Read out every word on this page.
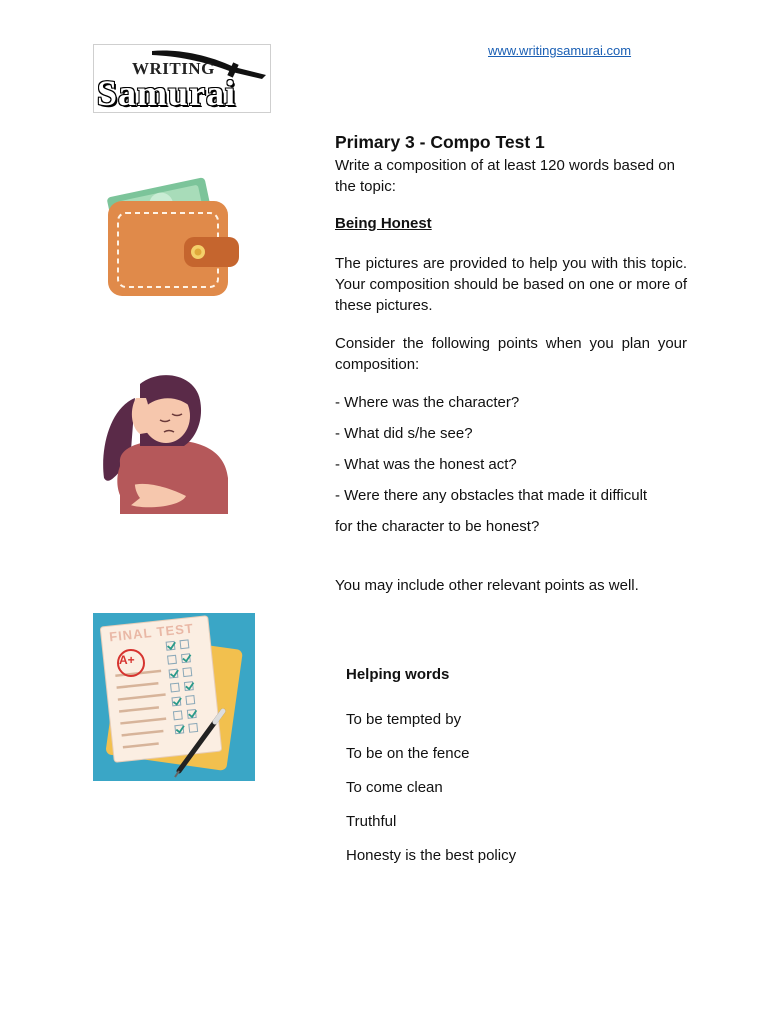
WRITING
Samurai
www.writingsamurai.com
Primary 3 - Compo Test 1
Write a composition of at least 120 words based on the topic:
Being Honest
The pictures are provided to help you with this topic. Your composition should be based on one or more of these pictures.
Consider the following points when you plan your composition:
- Where was the character?
- What did s/he see?
- What was the honest act?
- Were there any obstacles that made it difficult
for the character to be honest?
You may include other relevant points as well.
Helping words
To be tempted by
To be on the fence
To come clean
Truthful
Honesty is the best policy
FINAL TEST
A+
